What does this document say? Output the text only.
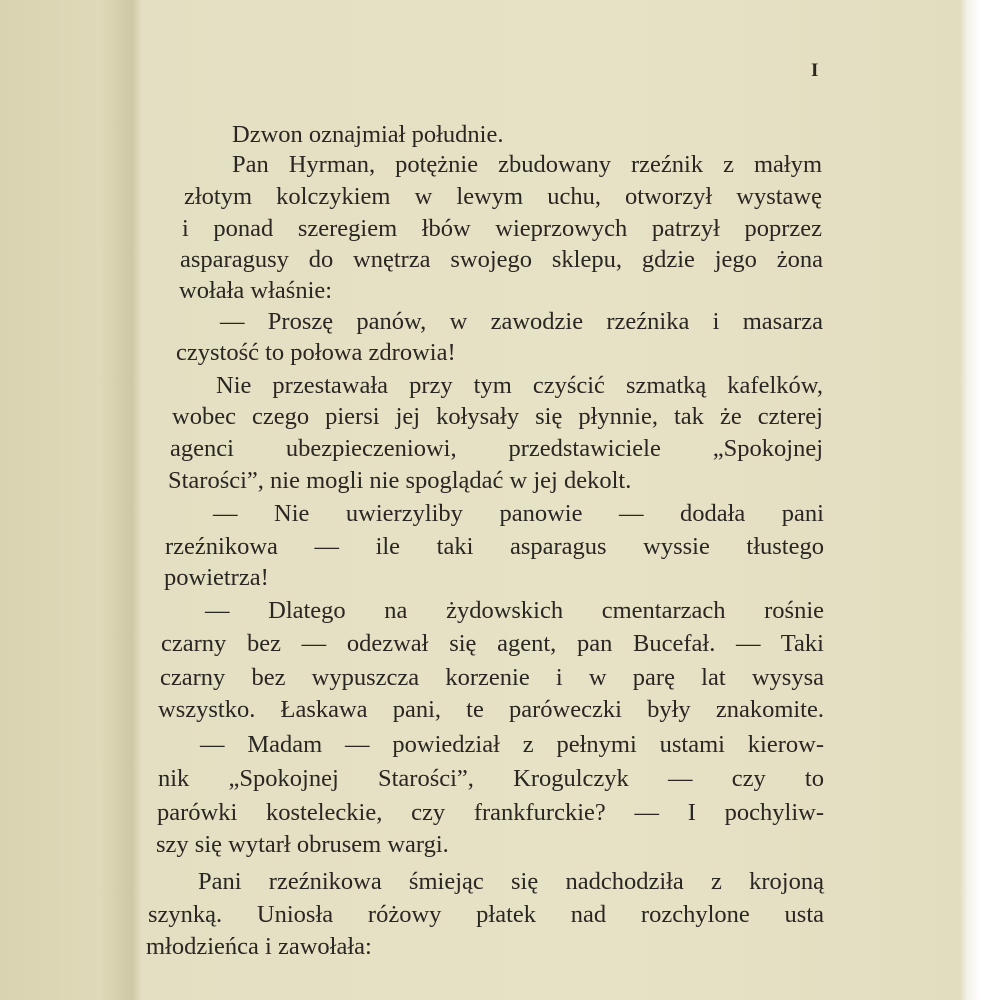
I
Dzwon oznajmiał południe.
Pan Hyrman, potężnie zbudowany rzeźnik z małym
złotym kolczykiem w lewym uchu, otworzył wystawę
i ponad szeregiem łbów wieprzowych patrzył poprzez
asparagusy do wnętrza swojego sklepu, gdzie jego żona
wołała właśnie:
— Proszę panów, w zawodzie rzeźnika i masarza
czystość to połowa zdrowia!
Nie przestawała przy tym czyścić szmatką kafelków,
wobec czego piersi jej kołysały się płynnie, tak że czterej
agenci ubezpieczeniowi, przedstawiciele „Spokojnej
Starości”, nie mogli nie spoglądać w jej dekolt.
— Nie uwierzyliby panowie — dodała pani
rzeźnikowa — ile taki asparagus wyssie tłustego
powietrza!
— Dlatego na żydowskich cmentarzach rośnie
czarny bez — odezwał się agent, pan Bucefał. — Taki
czarny bez wypuszcza korzenie i w parę lat wysysa
wszystko. Łaskawa pani, te paróweczki były znakomite.
— Madam — powiedział z pełnymi ustami kierow-
nik „Spokojnej Starości”, Krogulczyk — czy to
parówki kosteleckie, czy frankfurckie? — I pochyliw-
szy się wytarł obrusem wargi.
Pani rzeźnikowa śmiejąc się nadchodziła z krojoną
szynką. Uniosła różowy płatek nad rozchylone usta
młodzieńca i zawołała:
